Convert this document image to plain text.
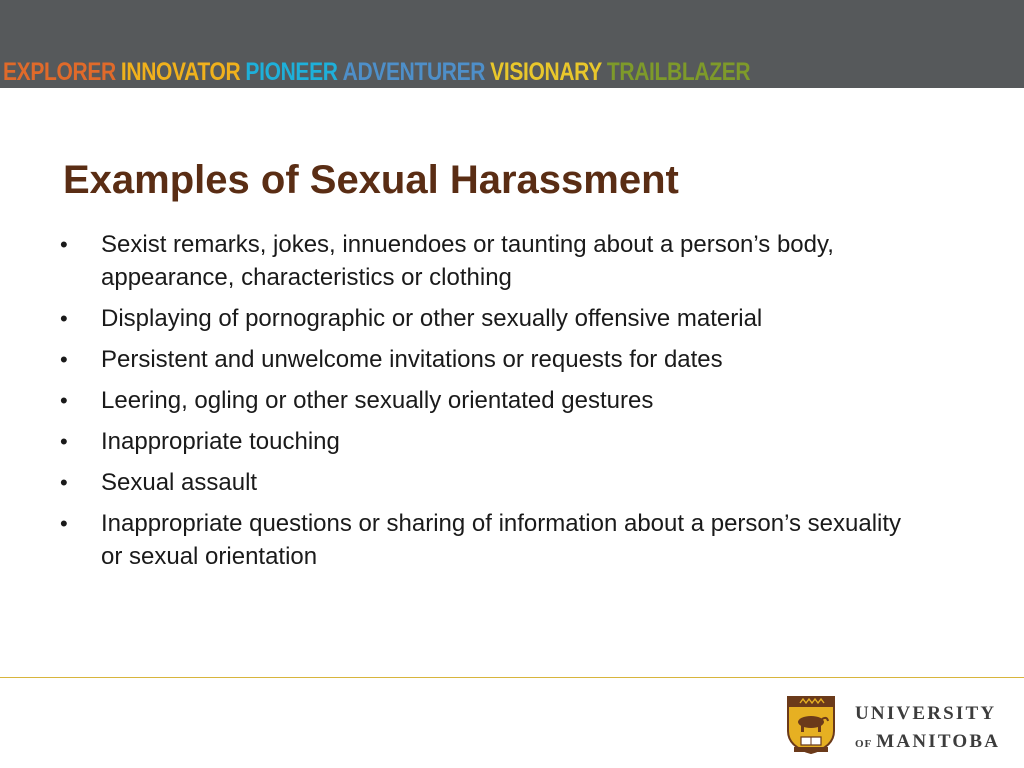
EXPLORER INNOVATOR PIONEER ADVENTURER VISIONARY TRAILBLAZER
Examples of Sexual Harassment
•	Sexist remarks, jokes, innuendoes or taunting about a person’s body, appearance, characteristics or clothing
•	Displaying of pornographic or other sexually offensive material
•	Persistent and unwelcome invitations or requests for dates
•	Leering, ogling or other sexually orientated gestures
•	Inappropriate touching
•	Sexual assault
•	Inappropriate questions or sharing of information about a person’s sexuality or sexual orientation
UNIVERSITY
OF MANITOBA
